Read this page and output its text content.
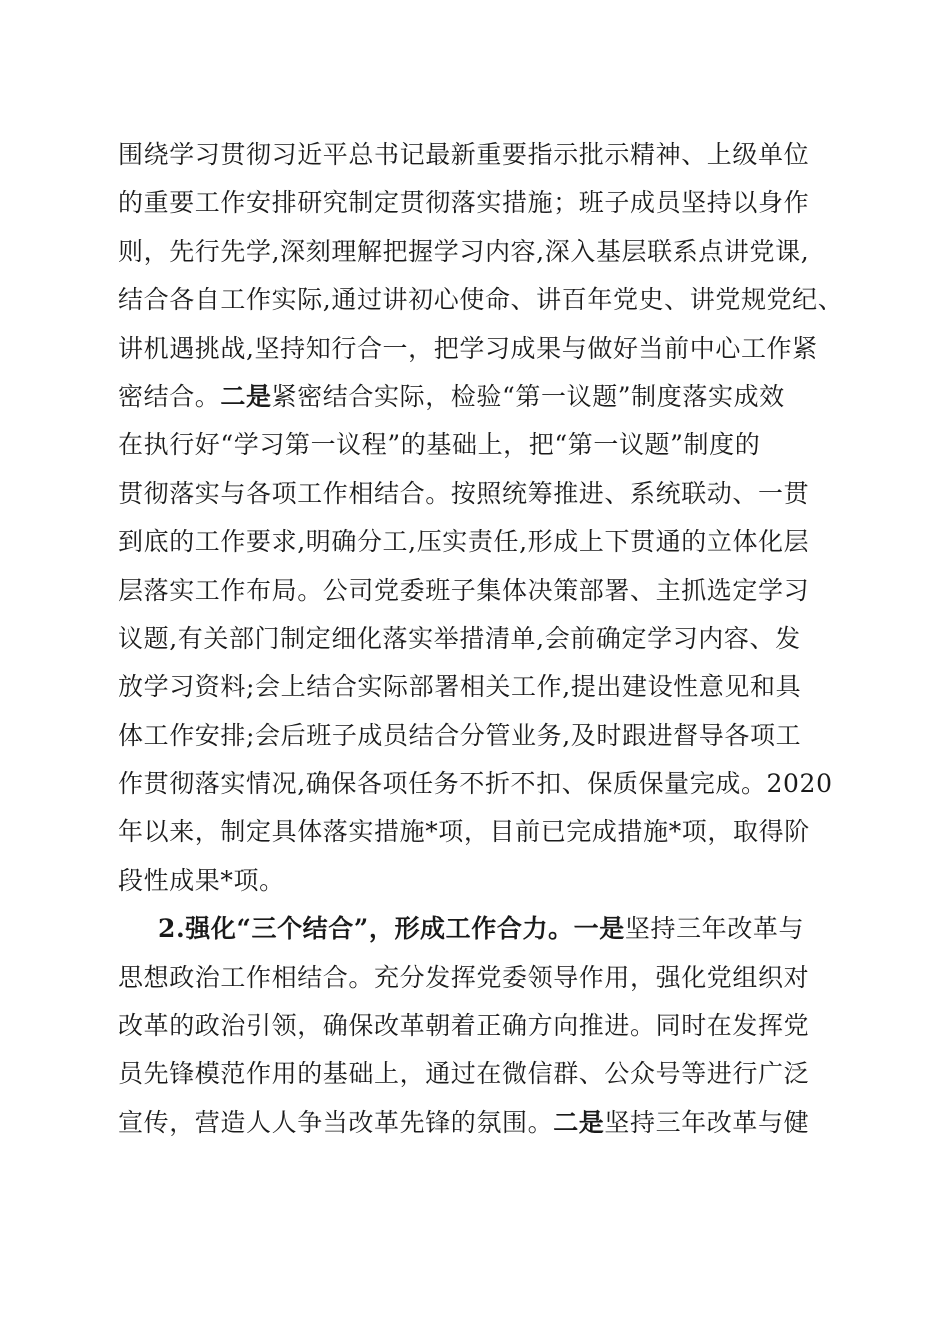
围绕学习贯彻习近平总书记最新重要指示批示精神、上级单位
的重要工作安排研究制定贯彻落实措施；班子成员坚持以身作
则，先行先学,深刻理解把握学习内容,深入基层联系点讲党课,
结合各自工作实际,通过讲初心使命、讲百年党史、讲党规党纪、
讲机遇挑战,坚持知行合一，把学习成果与做好当前中心工作紧
密结合。二是紧密结合实际，检验“第一议题”制度落实成效
在执行好“学习第一议程”的基础上，把“第一议题”制度的
贯彻落实与各项工作相结合。按照统筹推进、系统联动、一贯
到底的工作要求,明确分工,压实责任,形成上下贯通的立体化层
层落实工作布局。公司党委班子集体决策部署、主抓选定学习
议题,有关部门制定细化落实举措清单,会前确定学习内容、发
放学习资料;会上结合实际部署相关工作,提出建设性意见和具
体工作安排;会后班子成员结合分管业务,及时跟进督导各项工
作贯彻落实情况,确保各项任务不折不扣、保质保量完成。2020
年以来，制定具体落实措施*项，目前已完成措施*项，取得阶
段性成果*项。
2.强化“三个结合”，形成工作合力。一是坚持三年改革与
思想政治工作相结合。充分发挥党委领导作用，强化党组织对
改革的政治引领，确保改革朝着正确方向推进。同时在发挥党
员先锋模范作用的基础上，通过在微信群、公众号等进行广泛
宣传，营造人人争当改革先锋的氛围。二是坚持三年改革与健
